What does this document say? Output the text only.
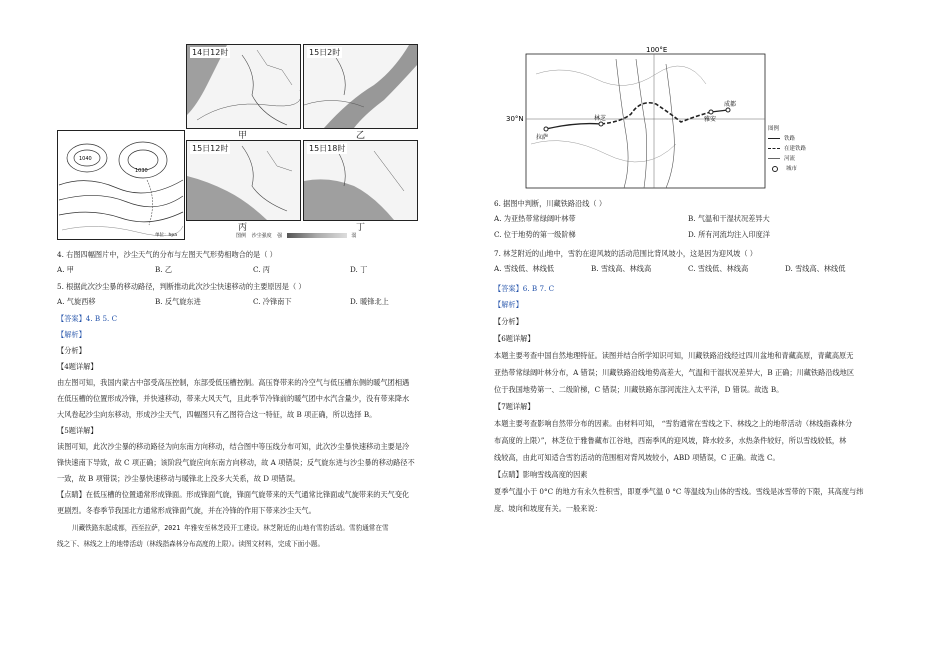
1040
1030
单位：hpa
14日12时	15日2时
15日12时	15日18时
甲	乙
丙	丁
图例 沙尘强度 强	弱
4. 右图四幅图片中，沙尘天气的分布与左图天气形势相吻合的是（ ）
A. 甲	B. 乙	C. 丙	D. 丁
5. 根据此次沙尘暴的移动路径，判断推动此次沙尘快速移动的主要原因是（ ）
A. 气旋西移	B. 反气旋东进	C. 冷锋南下	D. 暖锋北上
【答案】4. B 5. C
【解析】
【分析】
【4题详解】
由左图可知，我国内蒙古中部受高压控制，东部受低压槽控制。高压脊带来的冷空气与低压槽东侧的暖气团相遇
在低压槽的位置形成冷锋，并快速移动，带来大风天气，且此季节冷锋前的暖气团中水汽含量少，没有带来降水
大风卷起沙尘向东移动，形成沙尘天气，四幅图只有乙图符合这一特征，故 B 项正确，所以选择 B。
【5题详解】
读图可知，此次沙尘暴的移动路径为向东南方向移动，结合图中等压线分布可知，此次沙尘暴快速移动主要是冷
锋快速南下导致，故 C 项正确；该阶段气旋应向东南方向移动，故 A 项错误；反气旋东进与沙尘暴的移动路径不
一致，故 B 项错误；沙尘暴快速移动与暖锋北上没多大关系，故 D 项错误。
【点睛】在低压槽的位置通常形成锋面。形成锋面气旋，锋面气旋带来的天气通常比锋面或气旋带来的天气变化
更剧烈。冬春季节我国北方通常形成锋面气旋，并在冷锋的作用下带来沙尘天气。
川藏铁路东起成都，西至拉萨，2021 年雅安至林芝段开工建设。林芝附近的山地有雪豹活动。雪豹通常在雪
线之下、林线之上的地带活动（林线指森林分布高度的上限）。读图文材料，完成下面小题。
100°E
30°N
拉萨
林芝	雅安
成都
图例
铁路
在建铁路
河流
城市
6. 据图中判断，川藏铁路沿线（ ）
A. 为亚热带常绿阔叶林带	B. 气温和干湿状况差异大
C. 位于地势的第一级阶梯	D. 所有河流均注入印度洋
7. 林芝附近的山地中，雪豹在迎风坡的活动范围比背风坡小，这是因为迎风坡（ ）
A. 雪线低、林线低	B. 雪线高、林线高	C. 雪线低、林线高	D. 雪线高、林线低
【答案】6. B 7. C
【解析】
【分析】
【6题详解】
本题主要考查中国自然地理特征。读图并结合所学知识可知，川藏铁路沿线经过四川盆地和青藏高原，青藏高原无
亚热带常绿阔叶林分布，A 错误；川藏铁路沿线地势高差大，气温和干湿状况差异大，B 正确；川藏铁路沿线地区
位于我国地势第一、二级阶梯，C 错误；川藏铁路东部河流注入太平洋，D 错误。故选 B。
【7题详解】
本题主要考查影响自然带分布的因素。由材料可知， “雪豹通常在雪线之下、林线之上的地带活动（林线指森林分
布高度的上限）”，林芝位于雅鲁藏布江谷地，西南季风的迎风坡，降水较多，水热条件较好，所以雪线较低，林
线较高，由此可知适合雪豹活动的范围相对背风坡较小，ABD 项错误，C 正确。故选 C。
【点睛】影响雪线高度的因素
夏季气温小于 0°C 的地方有永久性积雪，即夏季气温 0 °C 等温线为山体的雪线。雪线是冰雪带的下限，其高度与纬
度、坡向和坡度有关。一般来说：
